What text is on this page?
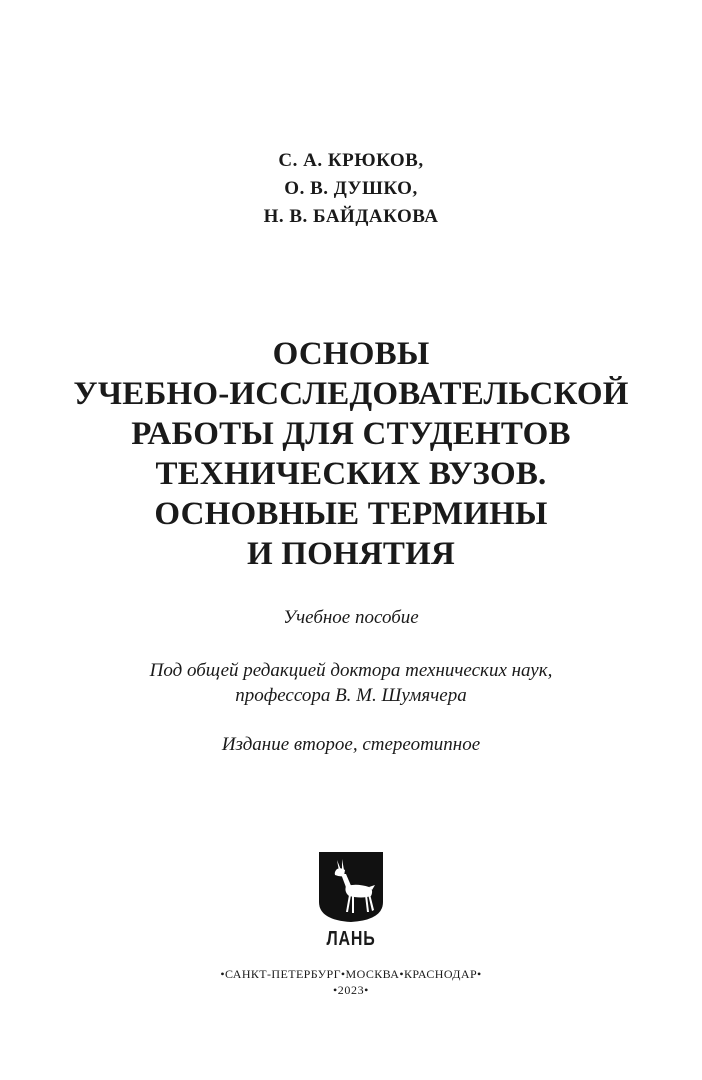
С. А. КРЮКОВ,
О. В. ДУШКО,
Н. В. БАЙДАКОВА
ОСНОВЫ
УЧЕБНО-ИССЛЕДОВАТЕЛЬСКОЙ
РАБОТЫ ДЛЯ СТУДЕНТОВ
ТЕХНИЧЕСКИХ ВУЗОВ.
ОСНОВНЫЕ ТЕРМИНЫ
И ПОНЯТИЯ
Учебное пособие
Под общей редакцией доктора технических наук,
профессора В. М. Шумячера
Издание второе, стереотипное
ЛАНЬ
•САНКТ-ПЕТЕРБУРГ•МОСКВА•КРАСНОДАР•
•2023•
